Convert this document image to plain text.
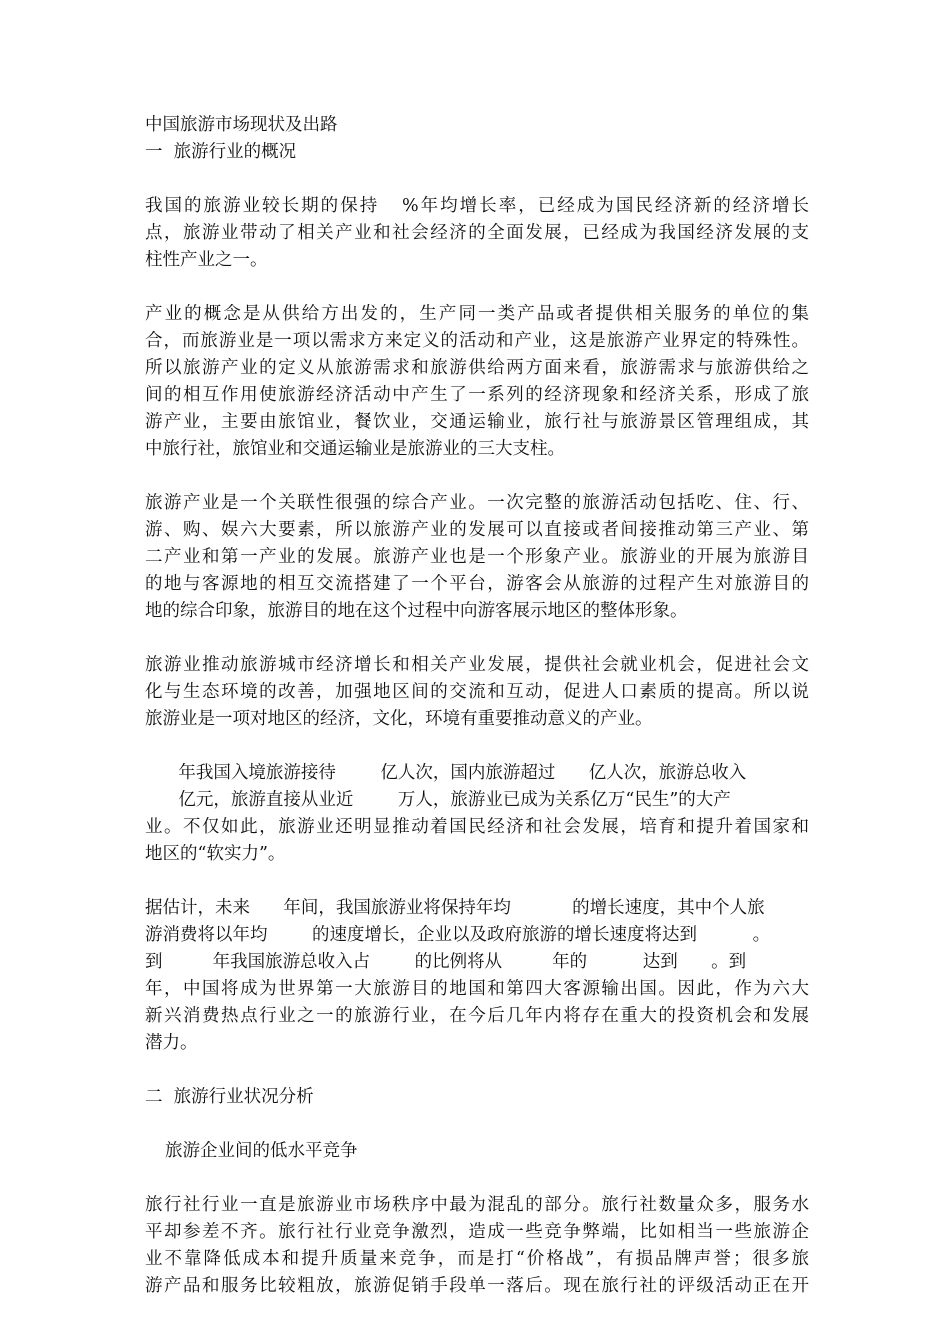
中国旅游市场现状及出路
一  旅游行业的概况
我国的旅游业较长期的保持   %年均增长率，已经成为国民经济新的经济增长
点，旅游业带动了相关产业和社会经济的全面发展，已经成为我国经济发展的支
柱性产业之一。
产业的概念是从供给方出发的，生产同一类产品或者提供相关服务的单位的集
合，而旅游业是一项以需求方来定义的活动和产业，这是旅游产业界定的特殊性。
所以旅游产业的定义从旅游需求和旅游供给两方面来看，旅游需求与旅游供给之
间的相互作用使旅游经济活动中产生了一系列的经济现象和经济关系，形成了旅
游产业，主要由旅馆业，餐饮业，交通运输业，旅行社与旅游景区管理组成，其
中旅行社，旅馆业和交通运输业是旅游业的三大支柱。
旅游产业是一个关联性很强的综合产业。一次完整的旅游活动包括吃、住、行、
游、购、娱六大要素，所以旅游产业的发展可以直接或者间接推动第三产业、第
二产业和第一产业的发展。旅游产业也是一个形象产业。旅游业的开展为旅游目
的地与客源地的相互交流搭建了一个平台，游客会从旅游的过程产生对旅游目的
地的综合印象，旅游目的地在这个过程中向游客展示地区的整体形象。
旅游业推动旅游城市经济增长和相关产业发展，提供社会就业机会，促进社会文
化与生态环境的改善，加强地区间的交流和互动，促进人口素质的提高。所以说
旅游业是一项对地区的经济，文化，环境有重要推动意义的产业。
年我国入境旅游接待        亿人次，国内旅游超过      亿人次，旅游总收入
亿元，旅游直接从业近        万人，旅游业已成为关系亿万“民生”的大产
业。不仅如此，旅游业还明显推动着国民经济和社会发展，培育和提升着国家和
地区的“软实力”。
据估计，未来      年间，我国旅游业将保持年均           的增长速度，其中个人旅
游消费将以年均        的速度增长，企业以及政府旅游的增长速度将达到          。
到         年我国旅游总收入占        的比例将从         年的          达到      。到
年，中国将成为世界第一大旅游目的地国和第四大客源输出国。因此，作为六大
新兴消费热点行业之一的旅游行业，在今后几年内将存在重大的投资机会和发展
潜力。
二  旅游行业状况分析
旅游企业间的低水平竞争
旅行社行业一直是旅游业市场秩序中最为混乱的部分。旅行社数量众多，服务水
平却参差不齐。旅行社行业竞争激烈，造成一些竞争弊端，比如相当一些旅游企
业不靠降低成本和提升质量来竞争，而是打“价格战”，有损品牌声誉；很多旅
游产品和服务比较粗放，旅游促销手段单一落后。现在旅行社的评级活动正在开
